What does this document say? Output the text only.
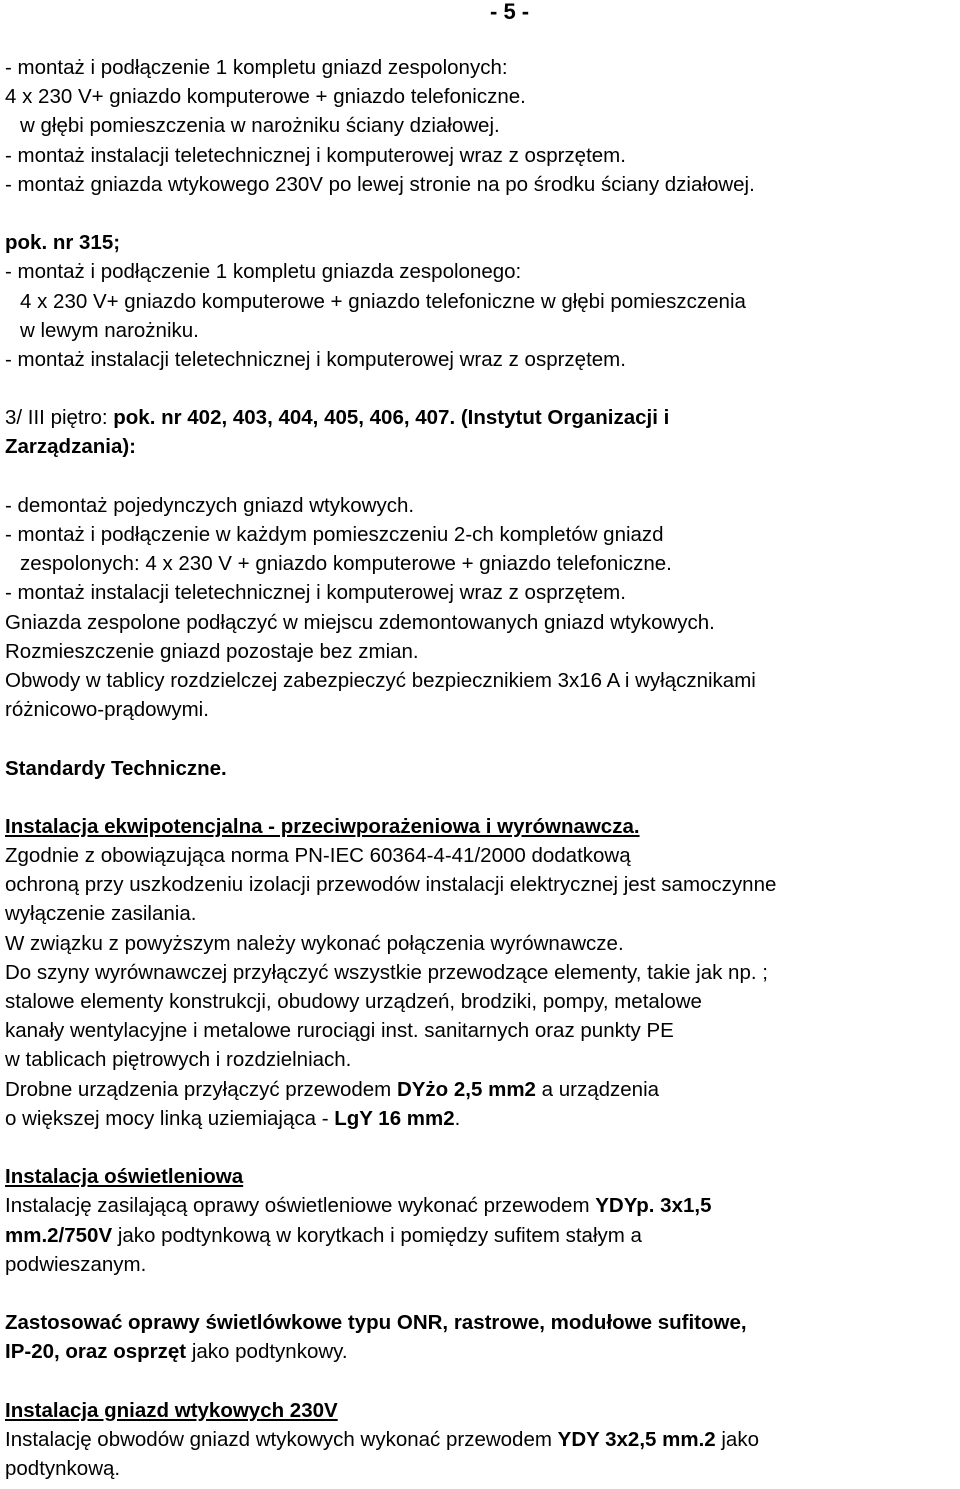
- 5 -
- montaż i podłączenie 1 kompletu gniazd zespolonych:
4 x 230 V+ gniazdo komputerowe + gniazdo telefoniczne.
w głębi pomieszczenia w narożniku ściany działowej.
- montaż instalacji teletechnicznej i komputerowej wraz z osprzętem.
- montaż gniazda wtykowego 230V po lewej stronie na po środku ściany działowej.
pok. nr 315;
- montaż i podłączenie 1 kompletu gniazda zespolonego:
4 x 230 V+ gniazdo komputerowe + gniazdo telefoniczne w głębi pomieszczenia
w lewym narożniku.
- montaż instalacji teletechnicznej i komputerowej wraz z osprzętem.
3/ III piętro: pok. nr 402, 403, 404, 405, 406, 407. (Instytut Organizacji i
Zarządzania):
- demontaż pojedynczych gniazd wtykowych.
- montaż i podłączenie w każdym pomieszczeniu 2-ch kompletów gniazd
zespolonych: 4 x 230 V + gniazdo komputerowe + gniazdo telefoniczne.
- montaż instalacji teletechnicznej i komputerowej wraz z osprzętem.
Gniazda zespolone podłączyć w miejscu zdemontowanych gniazd wtykowych.
Rozmieszczenie gniazd pozostaje bez zmian.
Obwody w tablicy rozdzielczej zabezpieczyć bezpiecznikiem 3x16 A i wyłącznikami
różnicowo-prądowymi.
Standardy Techniczne.
Instalacja ekwipotencjalna - przeciwporażeniowa i wyrównawcza.
Zgodnie z obowiązująca norma PN-IEC 60364-4-41/2000 dodatkową
ochroną przy uszkodzeniu izolacji przewodów instalacji elektrycznej jest samoczynne
wyłączenie zasilania.
W związku z powyższym należy wykonać połączenia wyrównawcze.
Do szyny wyrównawczej przyłączyć wszystkie przewodzące elementy, takie jak np. ;
stalowe elementy konstrukcji, obudowy urządzeń, brodziki, pompy, metalowe
kanały wentylacyjne i metalowe rurociągi inst. sanitarnych oraz punkty PE
w tablicach piętrowych i rozdzielniach.
Drobne urządzenia przyłączyć przewodem DYżo 2,5 mm2 a urządzenia
o większej mocy linką uziemiająca - LgY 16 mm2.
Instalacja oświetleniowa
Instalację zasilającą oprawy oświetleniowe wykonać przewodem YDYp. 3x1,5
mm.2/750V jako podtynkową w korytkach i pomiędzy sufitem stałym a
podwieszanym.
Zastosować oprawy świetlówkowe typu ONR, rastrowe, modułowe sufitowe,
IP-20, oraz osprzęt jako podtynkowy.
Instalacja gniazd wtykowych 230V
Instalację obwodów gniazd wtykowych wykonać przewodem YDY 3x2,5 mm.2 jako
podtynkową.
